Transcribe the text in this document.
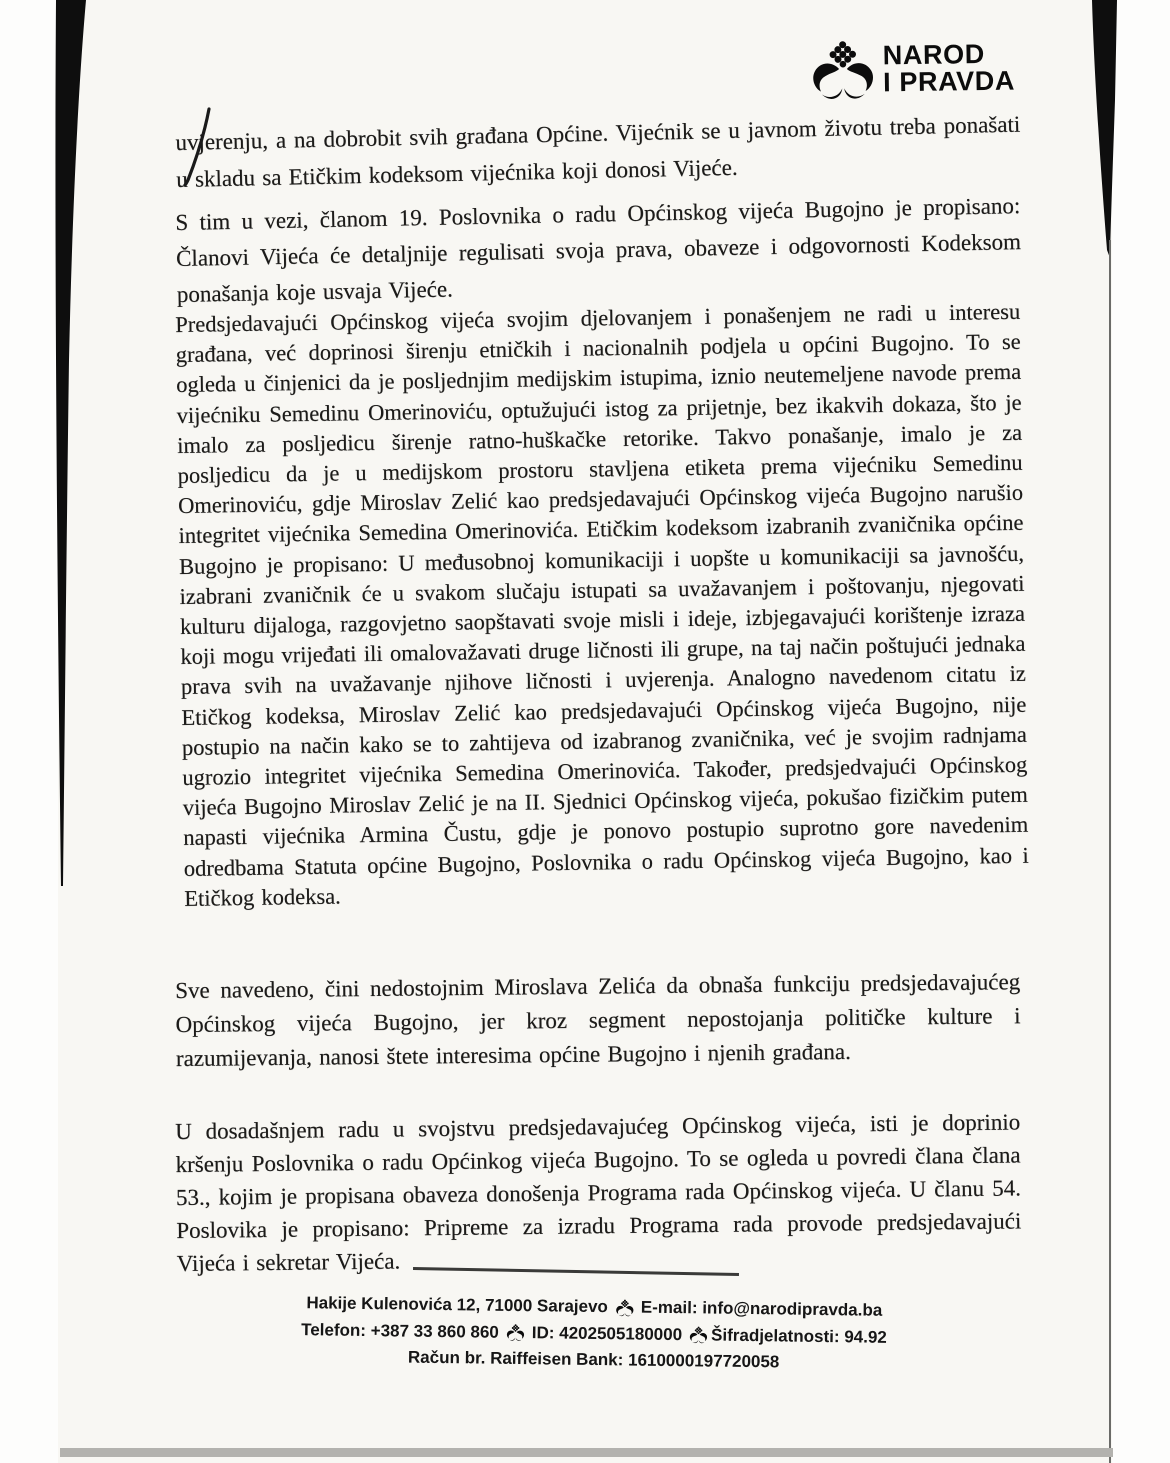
NAROD
I PRAVDA

uvjerenju, a na dobrobit svih građana Općine. Vijećnik se u javnom životu treba ponašati u skladu sa Etičkim kodeksom vijećnika koji donosi Vijeće.

S tim u vezi, članom 19. Poslovnika o radu Općinskog vijeća Bugojno je propisano: Članovi Vijeća će detaljnije regulisati svoja prava, obaveze i odgovornosti Kodeksom ponašanja koje usvaja Vijeće.

Predsjedavajući Općinskog vijeća svojim djelovanjem i ponašenjem ne radi u interesu građana, već doprinosi širenju etničkih i nacionalnih podjela u općini Bugojno. To se ogleda u činjenici da je posljednjim medijskim istupima, iznio neutemeljene navode prema vijećniku Semedinu Omerinoviću, optužujući istog za prijetnje, bez ikakvih dokaza, što je imalo za posljedicu širenje ratno-huškačke retorike. Takvo ponašanje, imalo je za posljedicu da je u medijskom prostoru stavljena etiketa prema vijećniku Semedinu Omerinoviću, gdje Miroslav Zelić kao predsjedavajući Općinskog vijeća Bugojno narušio integritet vijećnika Semedina Omerinovića. Etičkim kodeksom izabranih zvaničnika općine Bugojno je propisano: U međusobnoj komunikaciji i uopšte u komunikaciji sa javnošću, izabrani zvaničnik će u svakom slučaju istupati sa uvažavanjem i poštovanju, njegovati kulturu dijaloga, razgovjetno saopštavati svoje misli i ideje, izbjegavajući korištenje izraza koji mogu vrijeđati ili omalovažavati druge ličnosti ili grupe, na taj način poštujući jednaka prava svih na uvažavanje njihove ličnosti i uvjerenja. Analogno navedenom citatu iz Etičkog kodeksa, Miroslav Zelić kao predsjedavajući Općinskog vijeća Bugojno, nije postupio na način kako se to zahtijeva od izabranog zvaničnika, već je svojim radnjama ugrozio integritet vijećnika Semedina Omerinovića. Također, predsjedvajući Općinskog vijeća Bugojno Miroslav Zelić je na II. Sjednici Općinskog vijeća, pokušao fizičkim putem napasti vijećnika Armina Čustu, gdje je ponovo postupio suprotno gore navedenim odredbama Statuta općine Bugojno, Poslovnika o radu Općinskog vijeća Bugojno, kao i Etičkog kodeksa.

Sve navedeno, čini nedostojnim Miroslava Zelića da obnaša funkciju predsjedavajućeg Općinskog vijeća Bugojno, jer kroz segment nepostojanja političke kulture i razumijevanja, nanosi štete interesima općine Bugojno i njenih građana.

U dosadašnjem radu u svojstvu predsjedavajućeg Općinskog vijeća, isti je doprinio kršenju Poslovnika o radu Općinkog vijeća Bugojno. To se ogleda u povredi člana člana 53., kojim je propisana obaveza donošenja Programa rada Općinskog vijeća. U članu 54. Poslovika je propisano: Pripreme za izradu Programa rada provode predsjedavajući Vijeća i sekretar Vijeća.

Hakije Kulenovića 12, 71000 Sarajevo E-mail: info@narodipravda.ba
Telefon: +387 33 860 860 ID: 4202505180000 Šifradjelatnosti: 94.92
Račun br. Raiffeisen Bank: 1610000197720058
